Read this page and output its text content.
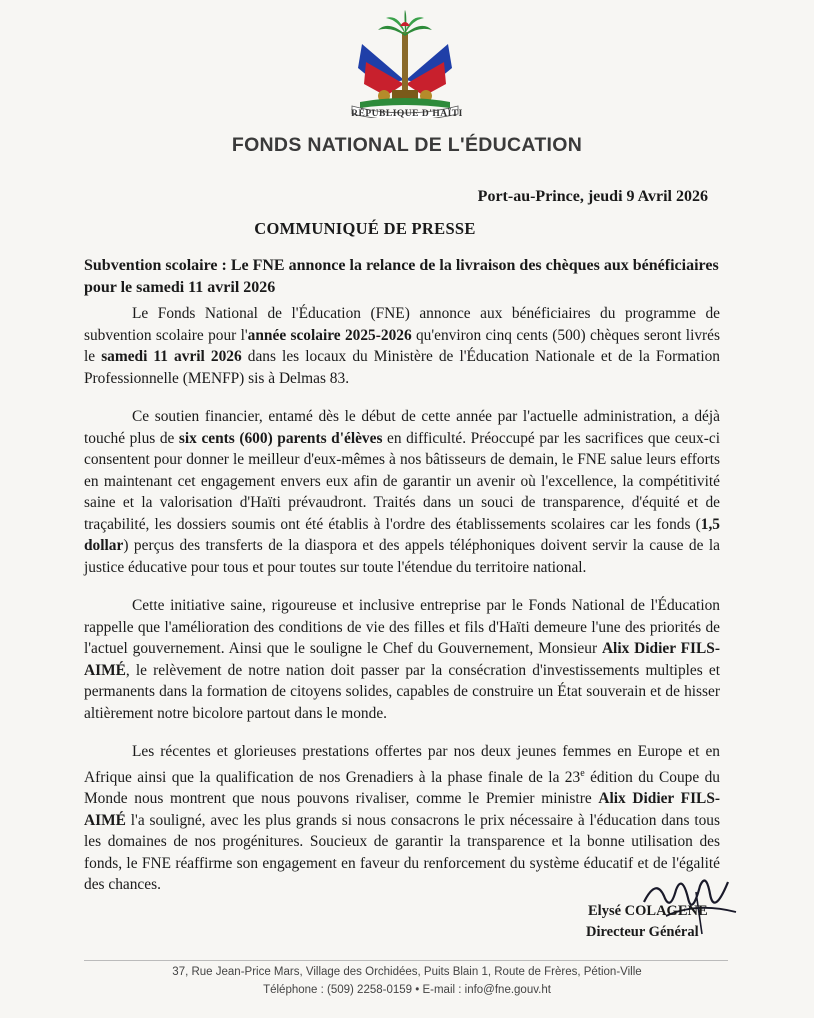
RÉPUBLIQUE D'HAÏTI
FONDS NATIONAL DE L'ÉDUCATION
Port-au-Prince, jeudi 9 Avril 2026
COMMUNIQUÉ DE PRESSE
Subvention scolaire : Le FNE annonce la relance de la livraison des chèques aux bénéficiaires pour le samedi 11 avril 2026

Le Fonds National de l'Éducation (FNE) annonce aux bénéficiaires du programme de subvention scolaire pour l'année scolaire 2025-2026 qu'environ cinq cents (500) chèques seront livrés le samedi 11 avril 2026 dans les locaux du Ministère de l'Éducation Nationale et de la Formation Professionnelle (MENFP) sis à Delmas 83.

Ce soutien financier, entamé dès le début de cette année par l'actuelle administration, a déjà touché plus de six cents (600) parents d'élèves en difficulté. Préoccupé par les sacrifices que ceux-ci consentent pour donner le meilleur d'eux-mêmes à nos bâtisseurs de demain, le FNE salue leurs efforts en maintenant cet engagement envers eux afin de garantir un avenir où l'excellence, la compétitivité saine et la valorisation d'Haïti prévaudront. Traités dans un souci de transparence, d'équité et de traçabilité, les dossiers soumis ont été établis à l'ordre des établissements scolaires car les fonds (1,5 dollar) perçus des transferts de la diaspora et des appels téléphoniques doivent servir la cause de la justice éducative pour tous et pour toutes sur toute l'étendue du territoire national.

Cette initiative saine, rigoureuse et inclusive entreprise par le Fonds National de l'Éducation rappelle que l'amélioration des conditions de vie des filles et fils d'Haïti demeure l'une des priorités de l'actuel gouvernement. Ainsi que le souligne le Chef du Gouvernement, Monsieur Alix Didier FILS-AIMÉ, le relèvement de notre nation doit passer par la consécration d'investissements multiples et permanents dans la formation de citoyens solides, capables de construire un État souverain et de hisser altièrement notre bicolore partout dans le monde.

Les récentes et glorieuses prestations offertes par nos deux jeunes femmes en Europe et en Afrique ainsi que la qualification de nos Grenadiers à la phase finale de la 23e édition du Coupe du Monde nous montrent que nous pouvons rivaliser, comme le Premier ministre Alix Didier FILS-AIMÉ l'a souligné, avec les plus grands si nous consacrons le prix nécessaire à l'éducation dans tous les domaines de nos progénitures. Soucieux de garantir la transparence et la bonne utilisation des fonds, le FNE réaffirme son engagement en faveur du renforcement du système éducatif et de l'égalité des chances.

Elysé COLAGENE
Directeur Général
37, Rue Jean-Price Mars, Village des Orchidées, Puits Blain 1, Route de Frères, Pétion-Ville
Téléphone : (509) 2258-0159 • E-mail : info@fne.gouv.ht
